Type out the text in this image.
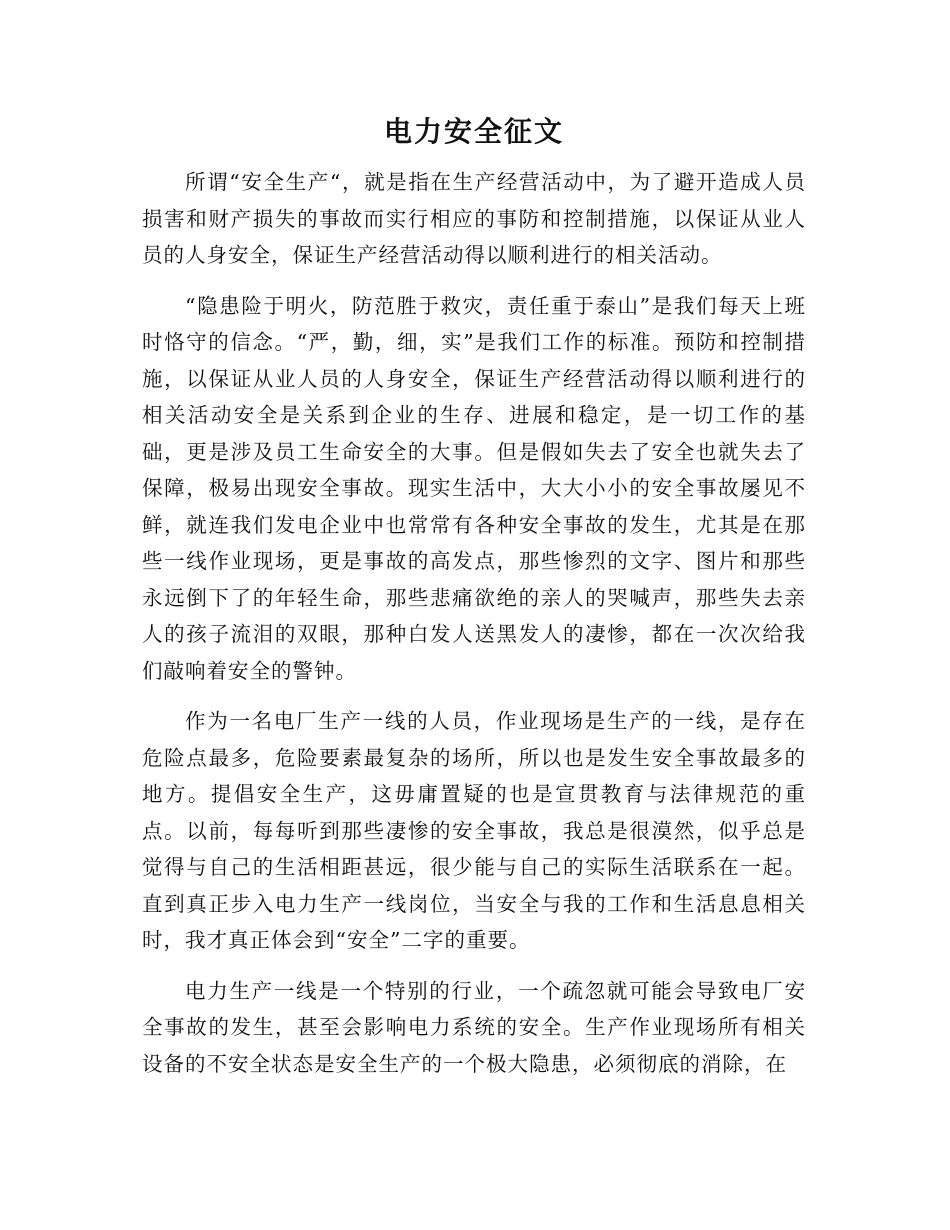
电力安全征文

所谓“安全生产“，就是指在生产经营活动中，为了避开造成人员损害和财产损失的事故而实行相应的事防和控制措施，以保证从业人员的人身安全，保证生产经营活动得以顺利进行的相关活动。

“隐患险于明火，防范胜于救灾，责任重于泰山”是我们每天上班时恪守的信念。“严，勤，细，实”是我们工作的标准。预防和控制措施，以保证从业人员的人身安全，保证生产经营活动得以顺利进行的相关活动安全是关系到企业的生存、进展和稳定，是一切工作的基础，更是涉及员工生命安全的大事。但是假如失去了安全也就失去了保障，极易出现安全事故。现实生活中，大大小小的安全事故屡见不鲜，就连我们发电企业中也常常有各种安全事故的发生，尤其是在那些一线作业现场，更是事故的高发点，那些惨烈的文字、图片和那些永远倒下了的年轻生命，那些悲痛欲绝的亲人的哭喊声，那些失去亲人的孩子流泪的双眼，那种白发人送黑发人的凄惨，都在一次次给我们敲响着安全的警钟。

作为一名电厂生产一线的人员，作业现场是生产的一线，是存在危险点最多，危险要素最复杂的场所，所以也是发生安全事故最多的地方。提倡安全生产，这毋庸置疑的也是宣贯教育与法律规范的重点。以前，每每听到那些凄惨的安全事故，我总是很漠然，似乎总是觉得与自己的生活相距甚远，很少能与自己的实际生活联系在一起。直到真正步入电力生产一线岗位，当安全与我的工作和生活息息相关时，我才真正体会到“安全”二字的重要。

电力生产一线是一个特别的行业，一个疏忽就可能会导致电厂安全事故的发生，甚至会影响电力系统的安全。生产作业现场所有相关设备的不安全状态是安全生产的一个极大隐患，必须彻底的消除，在
